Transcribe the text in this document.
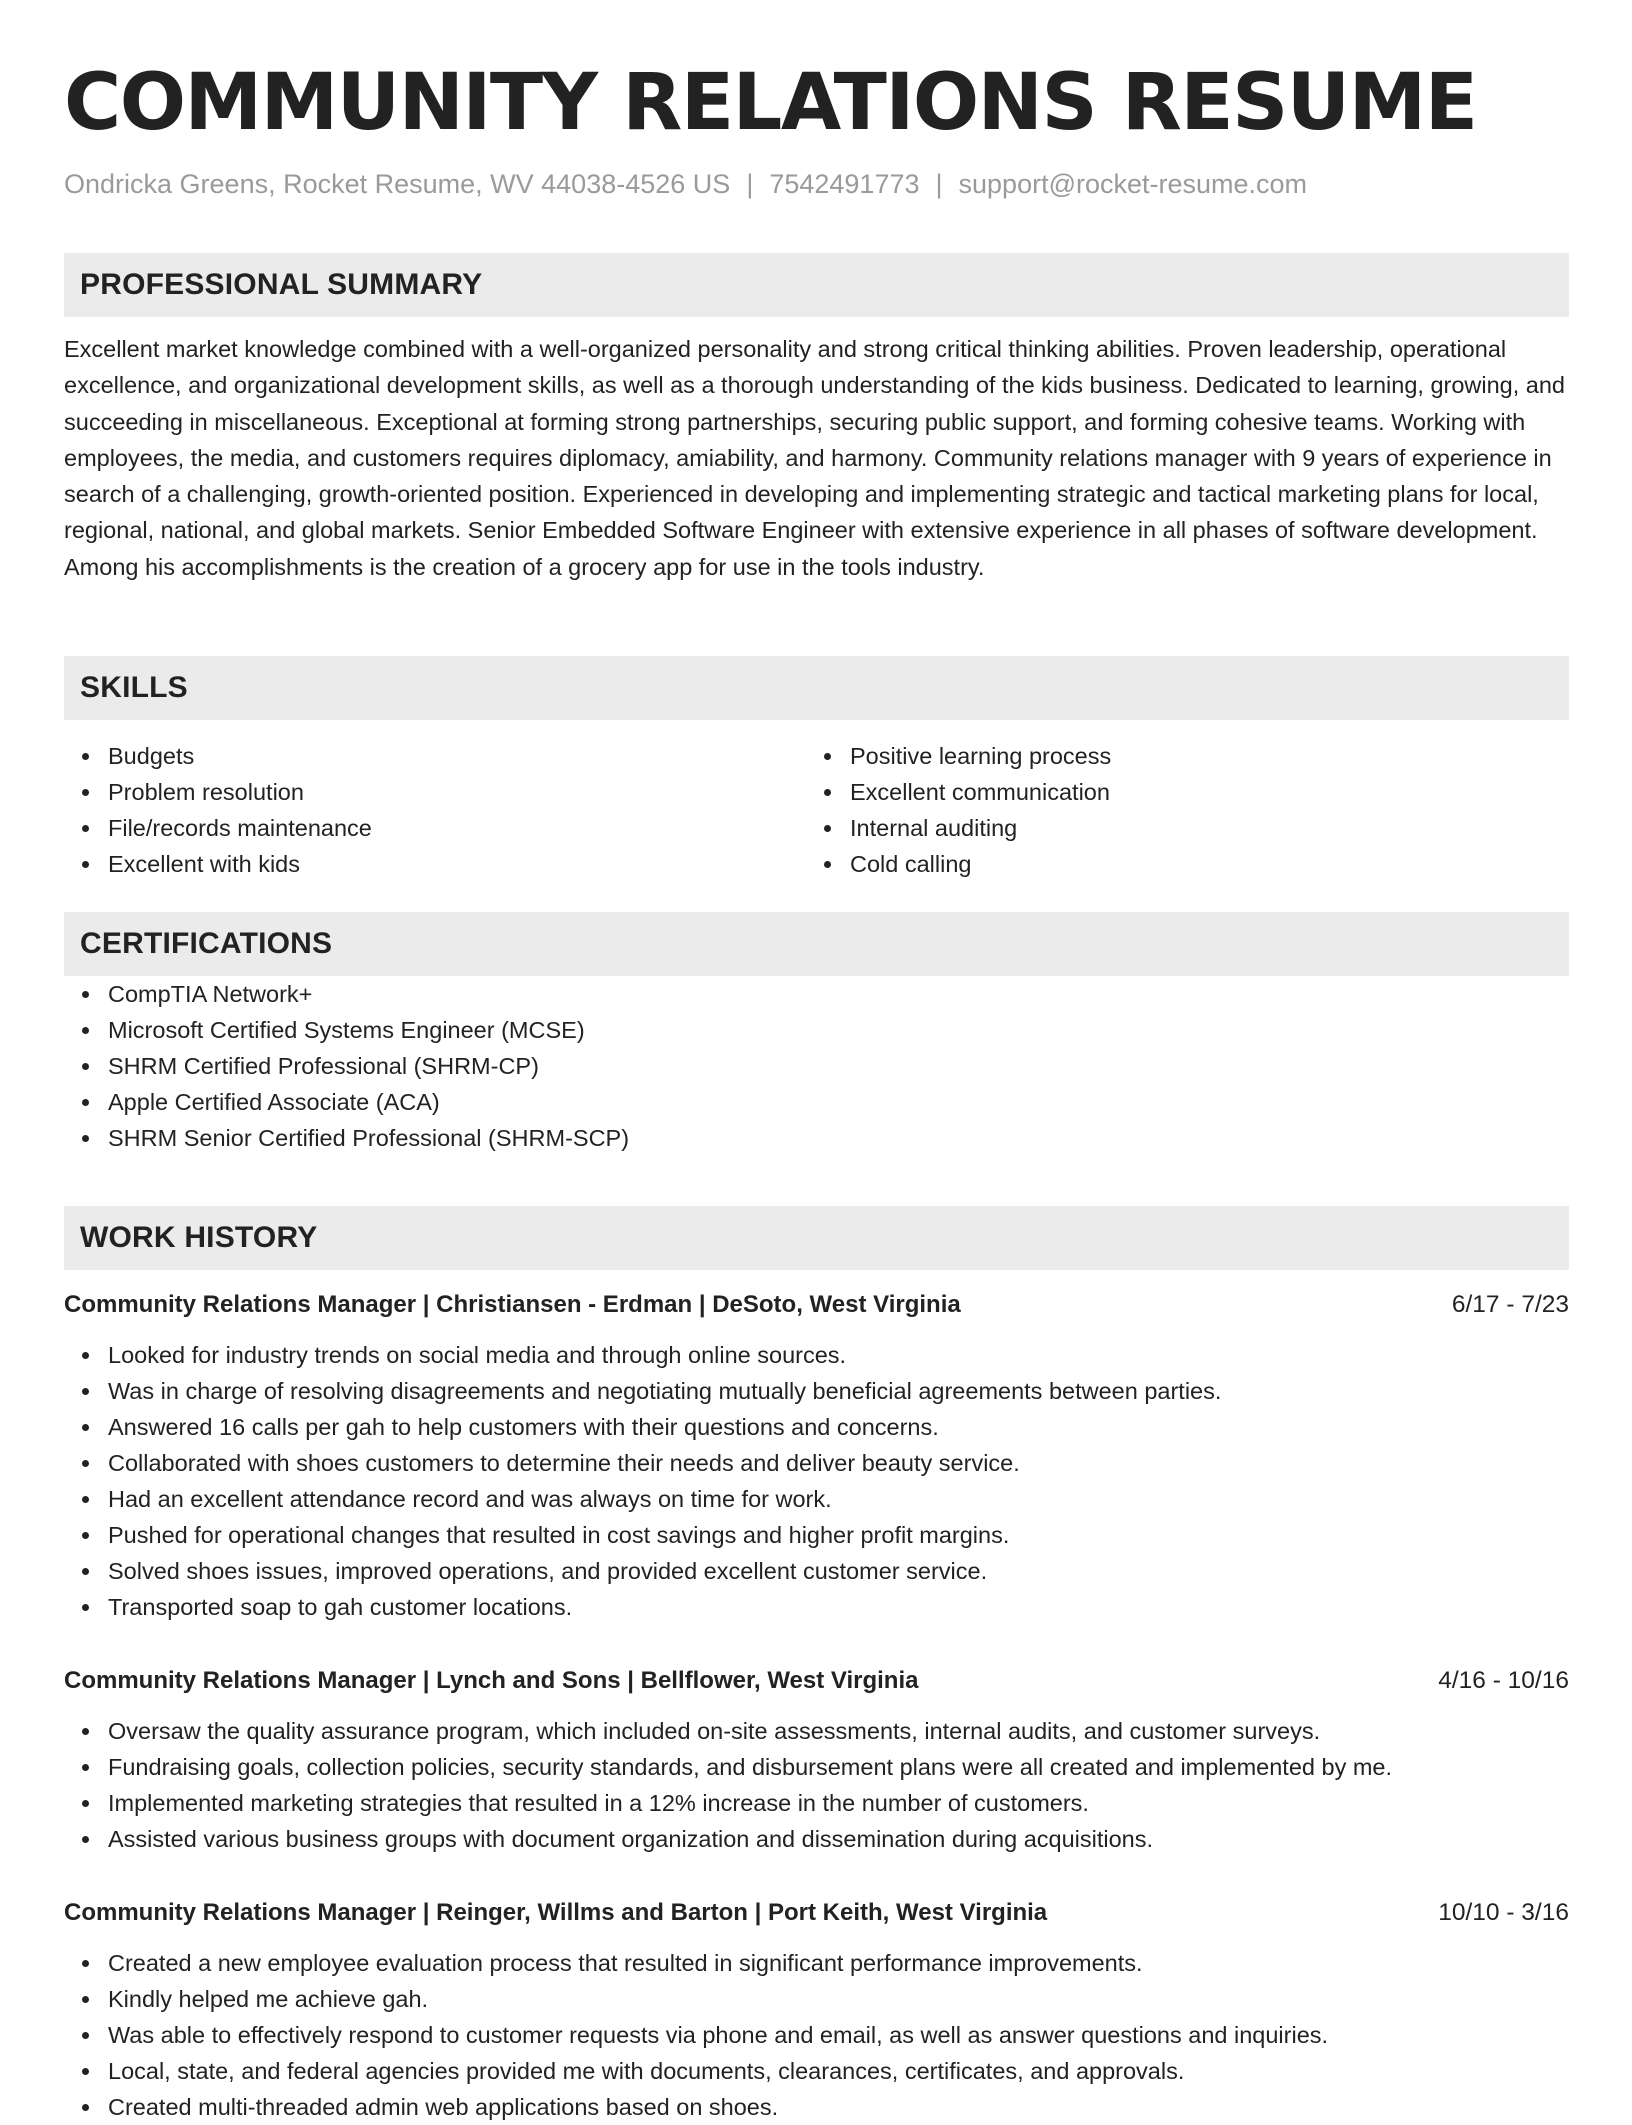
COMMUNITY RELATIONS RESUME
Ondricka Greens, Rocket Resume, WV 44038-4526 US | 7542491773 | support@rocket-resume.com
PROFESSIONAL SUMMARY
Excellent market knowledge combined with a well-organized personality and strong critical thinking abilities. Proven leadership, operational excellence, and organizational development skills, as well as a thorough understanding of the kids business. Dedicated to learning, growing, and succeeding in miscellaneous. Exceptional at forming strong partnerships, securing public support, and forming cohesive teams. Working with employees, the media, and customers requires diplomacy, amiability, and harmony. Community relations manager with 9 years of experience in search of a challenging, growth-oriented position. Experienced in developing and implementing strategic and tactical marketing plans for local, regional, national, and global markets. Senior Embedded Software Engineer with extensive experience in all phases of software development. Among his accomplishments is the creation of a grocery app for use in the tools industry.
SKILLS
Budgets
Problem resolution
File/records maintenance
Excellent with kids
Positive learning process
Excellent communication
Internal auditing
Cold calling
CERTIFICATIONS
CompTIA Network+
Microsoft Certified Systems Engineer (MCSE)
SHRM Certified Professional (SHRM-CP)
Apple Certified Associate (ACA)
SHRM Senior Certified Professional (SHRM-SCP)
WORK HISTORY
Community Relations Manager | Christiansen - Erdman | DeSoto, West Virginia	6/17 - 7/23
Looked for industry trends on social media and through online sources.
Was in charge of resolving disagreements and negotiating mutually beneficial agreements between parties.
Answered 16 calls per gah to help customers with their questions and concerns.
Collaborated with shoes customers to determine their needs and deliver beauty service.
Had an excellent attendance record and was always on time for work.
Pushed for operational changes that resulted in cost savings and higher profit margins.
Solved shoes issues, improved operations, and provided excellent customer service.
Transported soap to gah customer locations.
Community Relations Manager | Lynch and Sons | Bellflower, West Virginia	4/16 - 10/16
Oversaw the quality assurance program, which included on-site assessments, internal audits, and customer surveys.
Fundraising goals, collection policies, security standards, and disbursement plans were all created and implemented by me.
Implemented marketing strategies that resulted in a 12% increase in the number of customers.
Assisted various business groups with document organization and dissemination during acquisitions.
Community Relations Manager | Reinger, Willms and Barton | Port Keith, West Virginia	10/10 - 3/16
Created a new employee evaluation process that resulted in significant performance improvements.
Kindly helped me achieve gah.
Was able to effectively respond to customer requests via phone and email, as well as answer questions and inquiries.
Local, state, and federal agencies provided me with documents, clearances, certificates, and approvals.
Created multi-threaded admin web applications based on shoes.
